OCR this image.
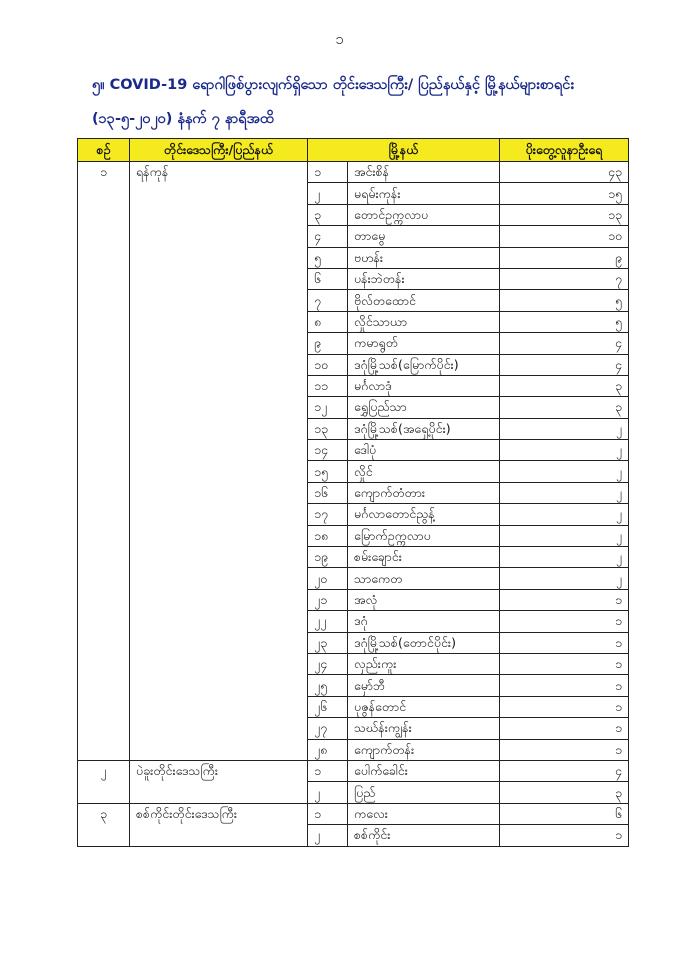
၁
၅။ COVID-19 ရောဂါဖြစ်ပွားလျက်ရှိသော တိုင်းဒေသကြီး/ ပြည်နယ်နှင့် မြို့နယ်များစာရင်း
(၁၃-၅-၂၀၂၀) နံနက် ၇ နာရီအထိ
စဉ်	တိုင်းဒေသကြီး/ပြည်နယ်	မြို့နယ်		ပိုးတွေ့လူနာဦးရေ
၁	ရန်ကုန်	၁	အင်းစိန်	၄၃
		၂	မရမ်းကုန်း	၁၅
		၃	တောင်ဥက္ကလာပ	၁၃
		၄	တာမွေ	၁၀
		၅	ဗဟန်း	၉
		၆	ပန်းဘဲတန်း	၇
		၇	ဗိုလ်တထောင်	၅
		၈	လှိုင်သာယာ	၅
		၉	ကမာရွတ်	၄
		၁၀	ဒဂုံမြို့သစ်(မြောက်ပိုင်း)	၄
		၁၁	မင်္ဂလာဒုံ	၃
		၁၂	ရွှေပြည်သာ	၃
		၁၃	ဒဂုံမြို့သစ်(အရှေ့ပိုင်း)	၂
		၁၄	ဒေါပုံ	၂
		၁၅	လှိုင်	၂
		၁၆	ကျောက်တံတား	၂
		၁၇	မင်္ဂလာတောင်ညွန့်	၂
		၁၈	မြောက်ဥက္ကလာပ	၂
		၁၉	စမ်းချောင်း	၂
		၂၀	သာကေတ	၂
		၂၁	အလုံ	၁
		၂၂	ဒဂုံ	၁
		၂၃	ဒဂုံမြို့သစ်(တောင်ပိုင်း)	၁
		၂၄	လှည်းကူး	၁
		၂၅	မှော်ဘီ	၁
		၂၆	ပုဇွန်တောင်	၁
		၂၇	သဃ်န်းကျွန်း	၁
		၂၈	ကျောက်တန်း	၁
၂	ပဲခူးတိုင်းဒေသကြီး	၁	ပေါက်ခေါင်း	၄
		၂	ပြည်	၃
၃	စစ်ကိုင်းတိုင်းဒေသကြီး	၁	ကလေး	၆
		၂	စစ်ကိုင်း	၁
